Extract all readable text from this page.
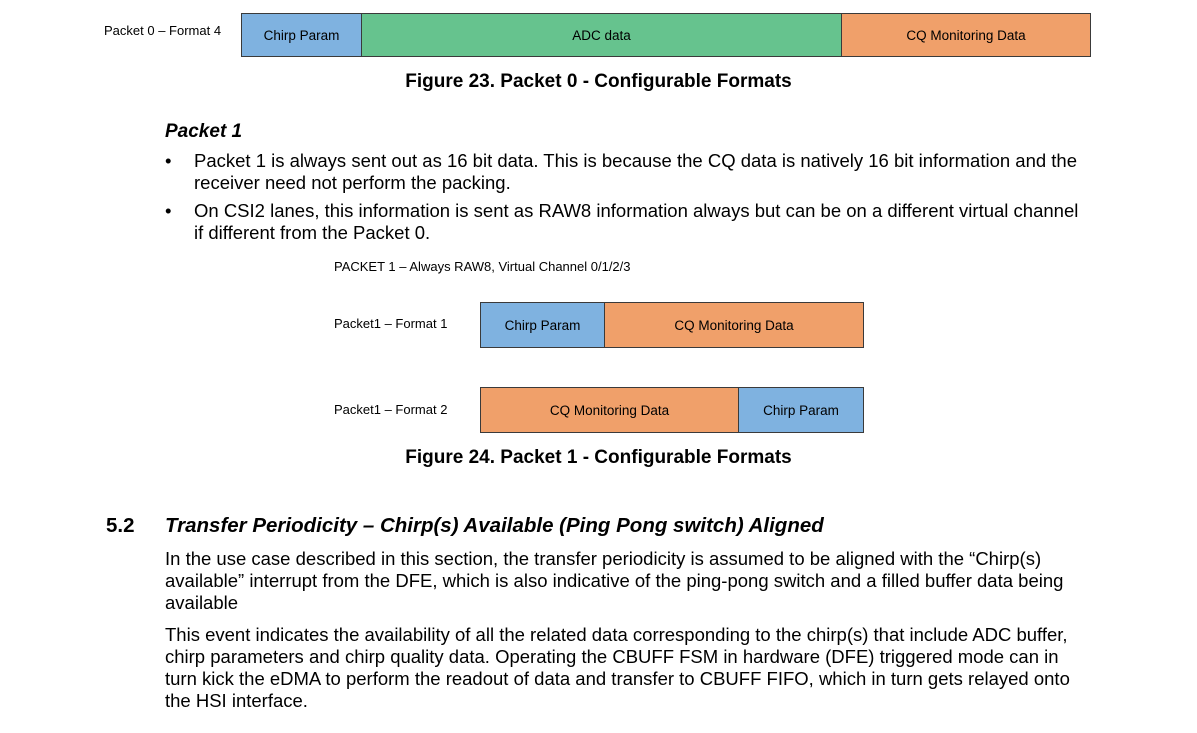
Packet 0 – Format 4	Chirp Param	ADC data	CQ Monitoring Data
Figure 23. Packet 0 - Configurable Formats
Packet 1
• Packet 1 is always sent out as 16 bit data. This is because the CQ data is natively 16 bit information and the receiver need not perform the packing.
• On CSI2 lanes, this information is sent as RAW8 information always but can be on a different virtual channel if different from the Packet 0.
PACKET 1 – Always RAW8, Virtual Channel 0/1/2/3
Packet1 – Format 1	Chirp Param	CQ Monitoring Data
Packet1 – Format 2	CQ Monitoring Data	Chirp Param
Figure 24. Packet 1 - Configurable Formats
5.2 Transfer Periodicity – Chirp(s) Available (Ping Pong switch) Aligned
In the use case described in this section, the transfer periodicity is assumed to be aligned with the “Chirp(s) available” interrupt from the DFE, which is also indicative of the ping-pong switch and a filled buffer data being available
This event indicates the availability of all the related data corresponding to the chirp(s) that include ADC buffer, chirp parameters and chirp quality data. Operating the CBUFF FSM in hardware (DFE) triggered mode can in turn kick the eDMA to perform the readout of data and transfer to CBUFF FIFO, which in turn gets relayed onto the HSI interface.
